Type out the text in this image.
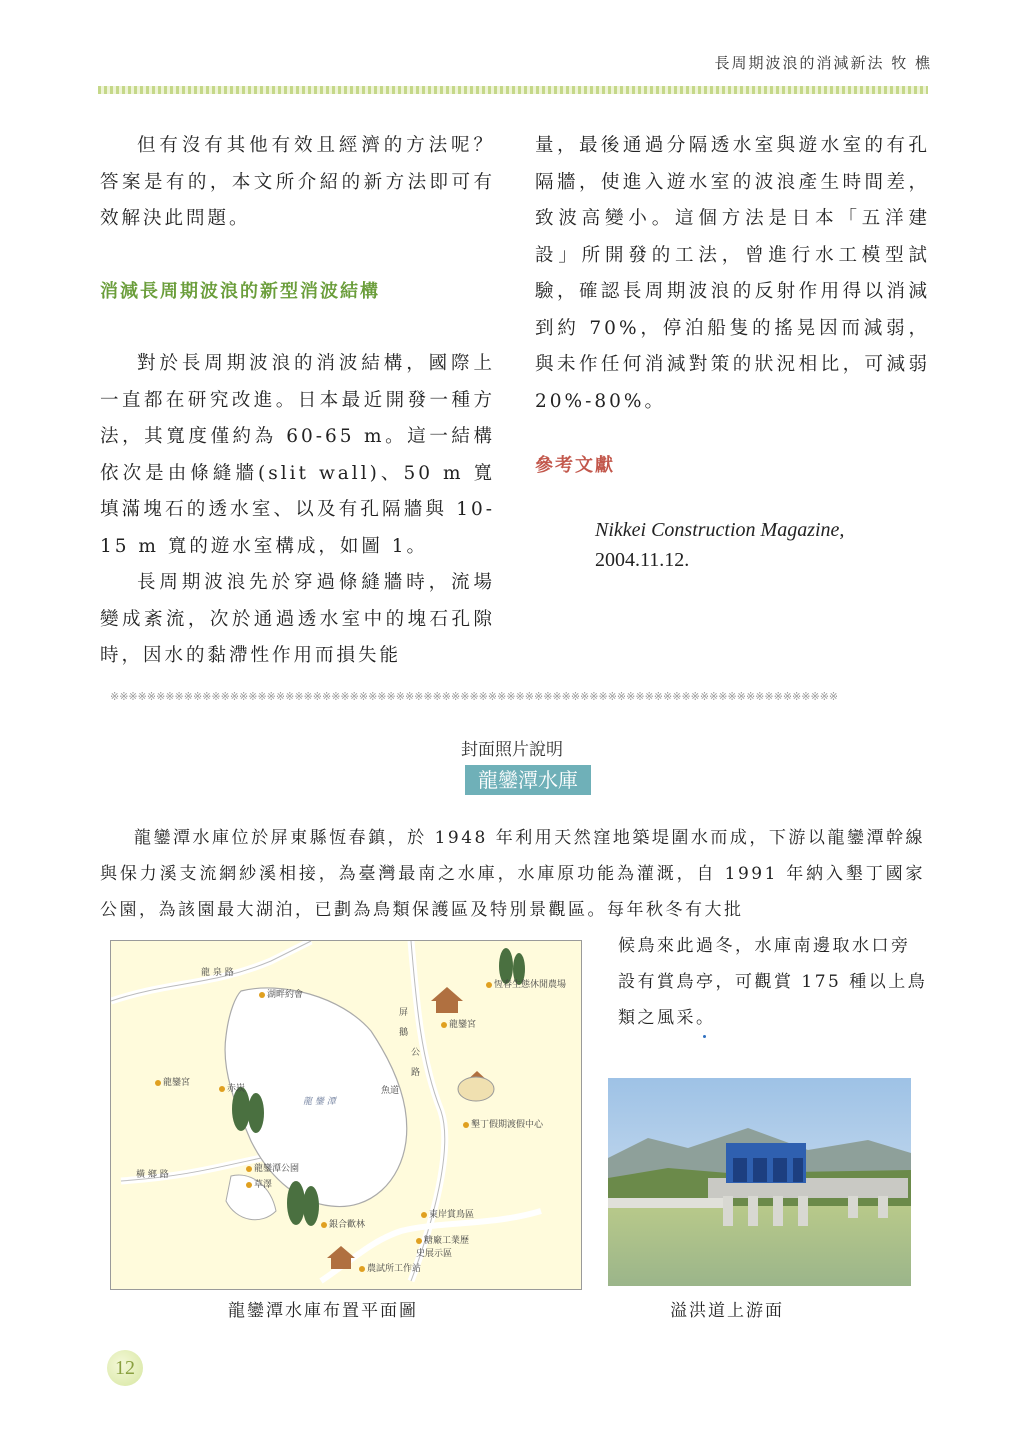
長周期波浪的消減新法 牧 樵

但有沒有其他有效且經濟的方法呢？答案是有的，本文所介紹的新方法即可有效解決此問題。

消減長周期波浪的新型消波結構

對於長周期波浪的消波結構，國際上一直都在研究改進。日本最近開發一種方法，其寬度僅約為 60-65 m。這一結構依次是由條縫牆(slit wall)、50 m 寬填滿塊石的透水室、以及有孔隔牆與 10-15 m 寬的遊水室構成，如圖 1。

長周期波浪先於穿過條縫牆時，流場變成紊流，次於通過透水室中的塊石孔隙時，因水的黏滯性作用而損失能

量，最後通過分隔透水室與遊水室的有孔隔牆，使進入遊水室的波浪產生時間差，致波高變小。這個方法是日本「五洋建設」所開發的工法，曾進行水工模型試驗，確認長周期波浪的反射作用得以消減到約 70%，停泊船隻的搖晃因而減弱，與未作任何消減對策的狀況相比，可減弱 20%-80%。

參考文獻

Nikkei Construction Magazine,
2004.11.12.

※※※※※※※※※※※※※※※※※※※※※※※※※※※※※※※※※※※※※※※※※※※※※※※※※※※※※※※※※※※※※※※※※※※※※※※※※※※※※※※
封面照片說明
龍鑾潭水庫
龍鑾潭水庫位於屏東縣恆春鎮，於 1948 年利用天然窪地築堤圍水而成，下游以龍鑾潭幹線與保力溪支流網紗溪相接，為臺灣最南之水庫，水庫原功能為灌溉，自 1991 年納入墾丁國家公園，為該園最大湖泊，已劃為鳥類保護區及特別景觀區。每年秋冬有大批
候鳥來此過冬，水庫南邊取水口旁設有賞鳥亭，可觀賞 175 種以上鳥類之風采。
龍 泉 路
湖畔約會
恆春生態休閒農場
屏
鵝
公
路
龍鑾宮
龍鑾宮
赤崁
龍 鑾 潭
魚道
墾丁假期渡假中心
龍鑾潭公園
橫 鄉 路
草澤
東岸賞鳥區
銀合歡林
糖廠工業歷史展示區
農試所工作站
龍鑾潭水庫布置平面圖	溢洪道上游面
12
